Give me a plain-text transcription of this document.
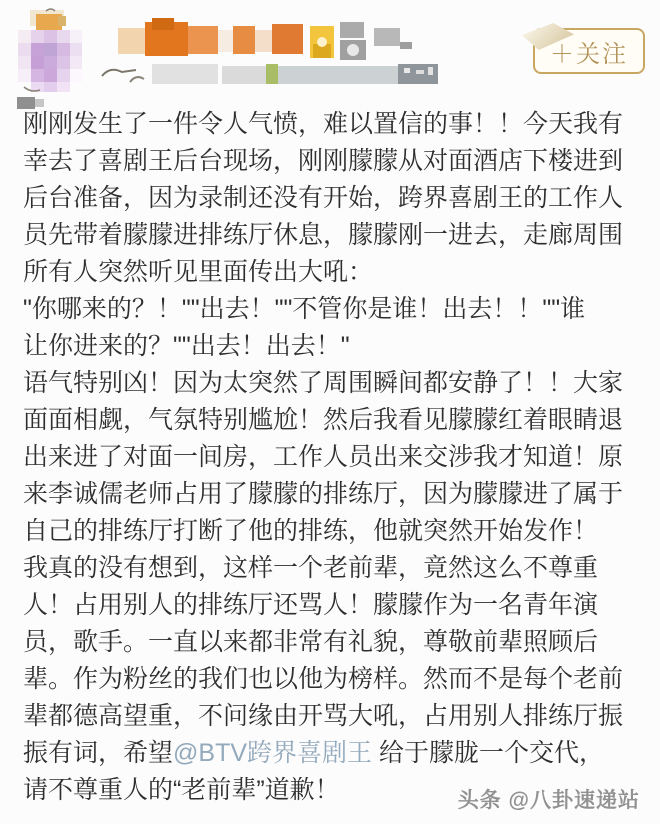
＋关注
刚刚发生了一件令人气愤，难以置信的事！！今天我有
幸去了喜剧王后台现场，刚刚朦朦从对面酒店下楼进到
后台准备，因为录制还没有开始，跨界喜剧王的工作人
员先带着朦朦进排练厅休息，朦朦刚一进去，走廊周围
所有人突然听见里面传出大吼：
"你哪来的？！""出去！""不管你是谁！出去！！""谁
让你进来的？""出去！出去！"
语气特别凶！因为太突然了周围瞬间都安静了！！大家
面面相觑，气氛特别尴尬！然后我看见朦朦红着眼睛退
出来进了对面一间房，工作人员出来交涉我才知道！原
来李诚儒老师占用了朦朦的排练厅，因为朦朦进了属于
自己的排练厅打断了他的排练，他就突然开始发作！
我真的没有想到，这样一个老前辈，竟然这么不尊重
人！占用别人的排练厅还骂人！朦朦作为一名青年演
员，歌手。一直以来都非常有礼貌，尊敬前辈照顾后
辈。作为粉丝的我们也以他为榜样。然而不是每个老前
辈都德高望重，不问缘由开骂大吼，占用别人排练厅振
振有词，希望@BTV跨界喜剧王 给于朦胧一个交代，
请不尊重人的“老前辈”道歉！	头条 @八卦速递站
